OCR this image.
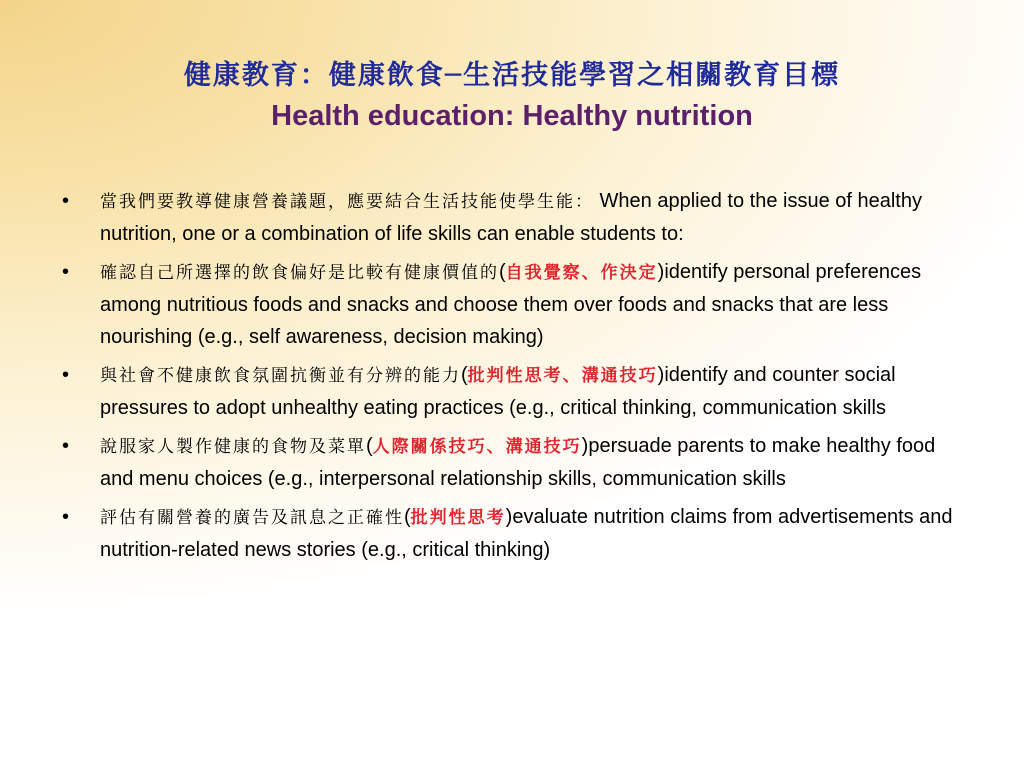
健康教育：健康飲食─生活技能學習之相關教育目標
Health education: Healthy nutrition
• 當我們要教導健康營養議題，應要結合生活技能使學生能： When applied to the issue of healthy nutrition, one or a combination of life skills can enable students to:
• 確認自己所選擇的飲食偏好是比較有健康價值的(自我覺察、作決定)identify personal preferences among nutritious foods and snacks and choose them over foods and snacks that are less nourishing (e.g., self awareness, decision making)
• 與社會不健康飲食氛圍抗衡並有分辨的能力(批判性思考、溝通技巧)identify and counter social pressures to adopt unhealthy eating practices (e.g., critical thinking, communication skills
• 說服家人製作健康的食物及菜單(人際關係技巧、溝通技巧)persuade parents to make healthy food and menu choices (e.g., interpersonal relationship skills, communication skills
• 評估有關營養的廣告及訊息之正確性(批判性思考)evaluate nutrition claims from advertisements and nutrition-related news stories (e.g., critical thinking)
